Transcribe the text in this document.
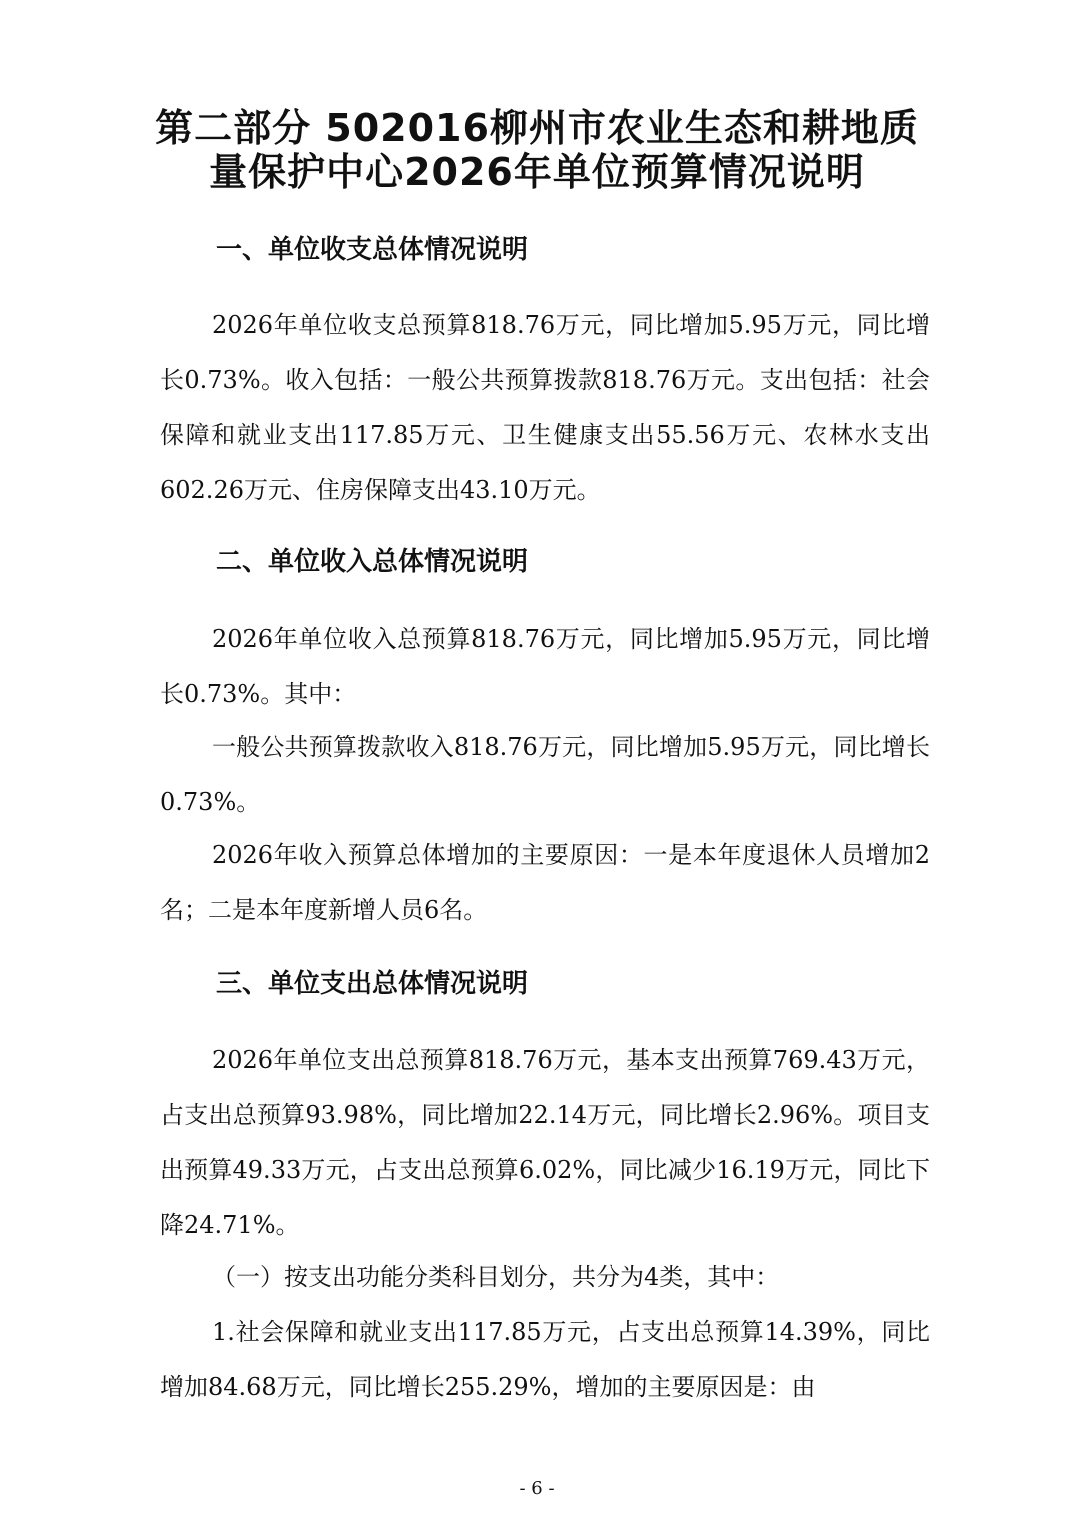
第二部分 502016柳州市农业生态和耕地质
量保护中心2026年单位预算情况说明
一、单位收支总体情况说明
2026年单位收支总预算818.76万元，同比增加5.95万元，同比增长0.73%。收入包括：一般公共预算拨款818.76万元。支出包括：社会保障和就业支出117.85万元、卫生健康支出55.56万元、农林水支出602.26万元、住房保障支出43.10万元。
二、单位收入总体情况说明
2026年单位收入总预算818.76万元，同比增加5.95万元，同比增长0.73%。其中：
一般公共预算拨款收入818.76万元，同比增加5.95万元，同比增长0.73%。
2026年收入预算总体增加的主要原因：一是本年度退休人员增加2名；二是本年度新增人员6名。
三、单位支出总体情况说明
2026年单位支出总预算818.76万元，基本支出预算769.43万元，占支出总预算93.98%，同比增加22.14万元，同比增长2.96%。项目支出预算49.33万元，占支出总预算6.02%，同比减少16.19万元，同比下降24.71%。
（一）按支出功能分类科目划分，共分为4类，其中：
1.社会保障和就业支出117.85万元，占支出总预算14.39%，同比增加84.68万元，同比增长255.29%，增加的主要原因是：由
- 6 -
